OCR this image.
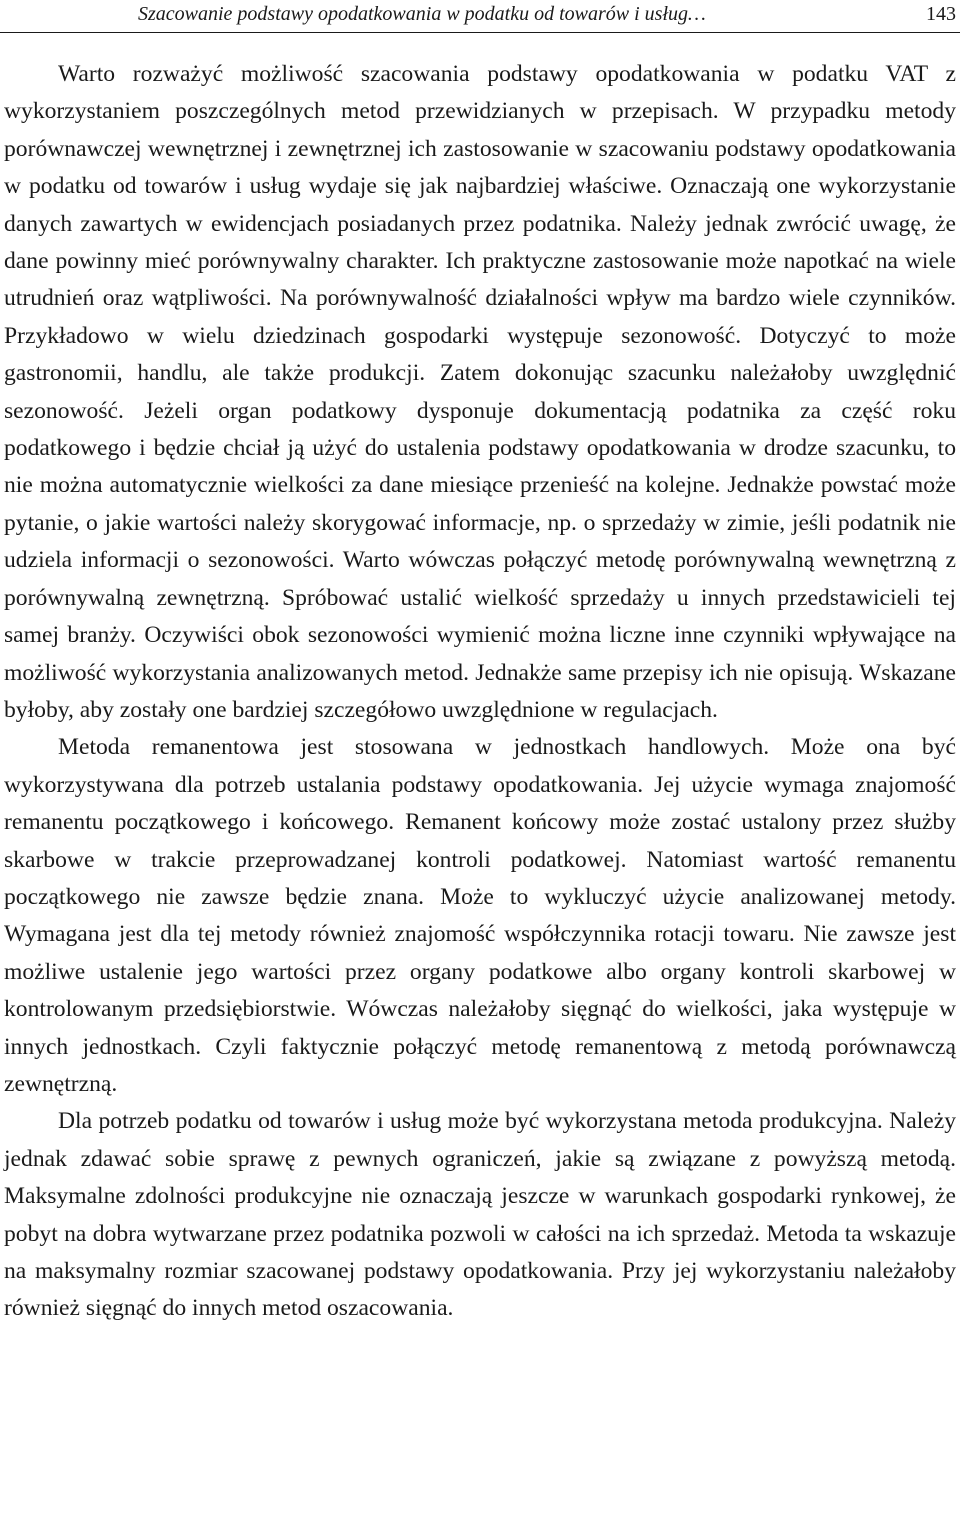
Szacowanie podstawy opodatkowania w podatku od towarów i usług…	143

Warto rozważyć możliwość szacowania podstawy opodatkowania w podatku VAT z wykorzystaniem poszczególnych metod przewidzianych w przepisach. W przypadku metody porównawczej wewnętrznej i zewnętrznej ich zastosowanie w szacowaniu podstawy opodatkowania w podatku od towarów i usług wydaje się jak najbardziej właściwe. Oznaczają one wykorzystanie danych zawartych w ewidencjach posiadanych przez podatnika. Należy jednak zwrócić uwagę, że dane powinny mieć porównywalny charakter. Ich praktyczne zastosowanie może napotkać na wiele utrudnień oraz wątpliwości. Na porównywalność działalności wpływ ma bardzo wiele czynników. Przykładowo w wielu dziedzinach gospodarki występuje sezonowość. Dotyczyć to może gastronomii, handlu, ale także produkcji. Zatem dokonując szacunku należałoby uwzględnić sezonowość. Jeżeli organ podatkowy dysponuje dokumentacją podatnika za część roku podatkowego i będzie chciał ją użyć do ustalenia podstawy opodatkowania w drodze szacunku, to nie można automatycznie wielkości za dane miesiące przenieść na kolejne. Jednakże powstać może pytanie, o jakie wartości należy skorygować informacje, np. o sprzedaży w zimie, jeśli podatnik nie udziela informacji o sezonowości. Warto wówczas połączyć metodę porównywalną wewnętrzną z porównywalną zewnętrzną. Spróbować ustalić wielkość sprzedaży u innych przedstawicieli tej samej branży. Oczywiści obok sezonowości wymienić można liczne inne czynniki wpływające na możliwość wykorzystania analizowanych metod. Jednakże same przepisy ich nie opisują. Wskazane byłoby, aby zostały one bardziej szczegółowo uwzględnione w regulacjach.

Metoda remanentowa jest stosowana w jednostkach handlowych. Może ona być wykorzystywana dla potrzeb ustalania podstawy opodatkowania. Jej użycie wymaga znajomość remanentu początkowego i końcowego. Remanent końcowy może zostać ustalony przez służby skarbowe w trakcie przeprowadzanej kontroli podatkowej. Natomiast wartość remanentu początkowego nie zawsze będzie znana. Może to wykluczyć użycie analizowanej metody. Wymagana jest dla tej metody również znajomość współczynnika rotacji towaru. Nie zawsze jest możliwe ustalenie jego wartości przez organy podatkowe albo organy kontroli skarbowej w kontrolowanym przedsiębiorstwie. Wówczas należałoby sięgnąć do wielkości, jaka występuje w innych jednostkach. Czyli faktycznie połączyć metodę remanentową z metodą porównawczą zewnętrzną.

Dla potrzeb podatku od towarów i usług może być wykorzystana metoda produkcyjna. Należy jednak zdawać sobie sprawę z pewnych ograniczeń, jakie są związane z powyższą metodą. Maksymalne zdolności produkcyjne nie oznaczają jeszcze w warunkach gospodarki rynkowej, że pobyt na dobra wytwarzane przez podatnika pozwoli w całości na ich sprzedaż. Metoda ta wskazuje na maksymalny rozmiar szacowanej podstawy opodatkowania. Przy jej wykorzystaniu należałoby również sięgnąć do innych metod oszacowania.
